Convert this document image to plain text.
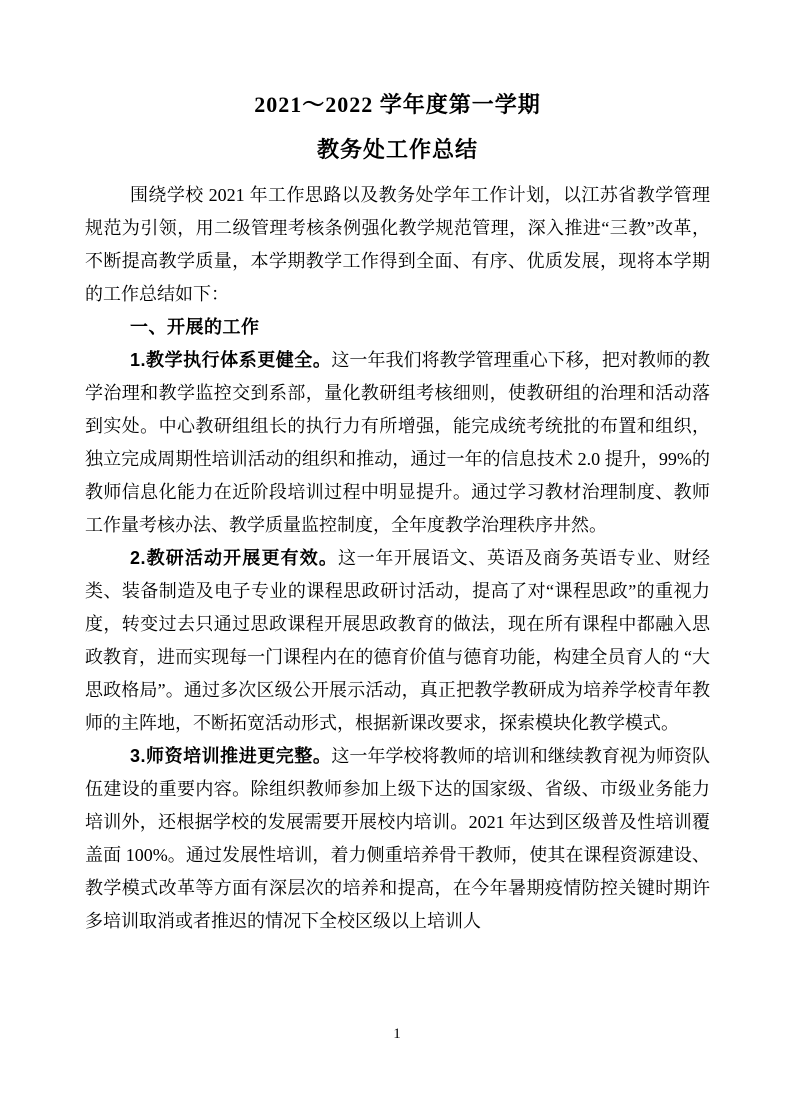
2021～2022 学年度第一学期
教务处工作总结

围绕学校 2021 年工作思路以及教务处学年工作计划，以江苏省教学管理规范为引领，用二级管理考核条例强化教学规范管理，深入推进“三教”改革，不断提高教学质量，本学期教学工作得到全面、有序、优质发展，现将本学期的工作总结如下：

一、开展的工作

1.教学执行体系更健全。这一年我们将教学管理重心下移，把对教师的教学治理和教学监控交到系部，量化教研组考核细则，使教研组的治理和活动落到实处。中心教研组组长的执行力有所增强，能完成统考统批的布置和组织，独立完成周期性培训活动的组织和推动，通过一年的信息技术 2.0 提升，99%的教师信息化能力在近阶段培训过程中明显提升。通过学习教材治理制度、教师工作量考核办法、教学质量监控制度，全年度教学治理秩序井然。

2.教研活动开展更有效。这一年开展语文、英语及商务英语专业、财经类、装备制造及电子专业的课程思政研讨活动，提高了对“课程思政”的重视力度，转变过去只通过思政课程开展思政教育的做法，现在所有课程中都融入思政教育，进而实现每一门课程内在的德育价值与德育功能，构建全员育人的 “大思政格局”。通过多次区级公开展示活动，真正把教学教研成为培养学校青年教师的主阵地，不断拓宽活动形式，根据新课改要求，探索模块化教学模式。

3.师资培训推进更完整。这一年学校将教师的培训和继续教育视为师资队伍建设的重要内容。除组织教师参加上级下达的国家级、省级、市级业务能力培训外，还根据学校的发展需要开展校内培训。2021 年达到区级普及性培训覆盖面 100%。通过发展性培训，着力侧重培养骨干教师，使其在课程资源建设、教学模式改革等方面有深层次的培养和提高，在今年暑期疫情防控关键时期许多培训取消或者推迟的情况下全校区级以上培训人

1
